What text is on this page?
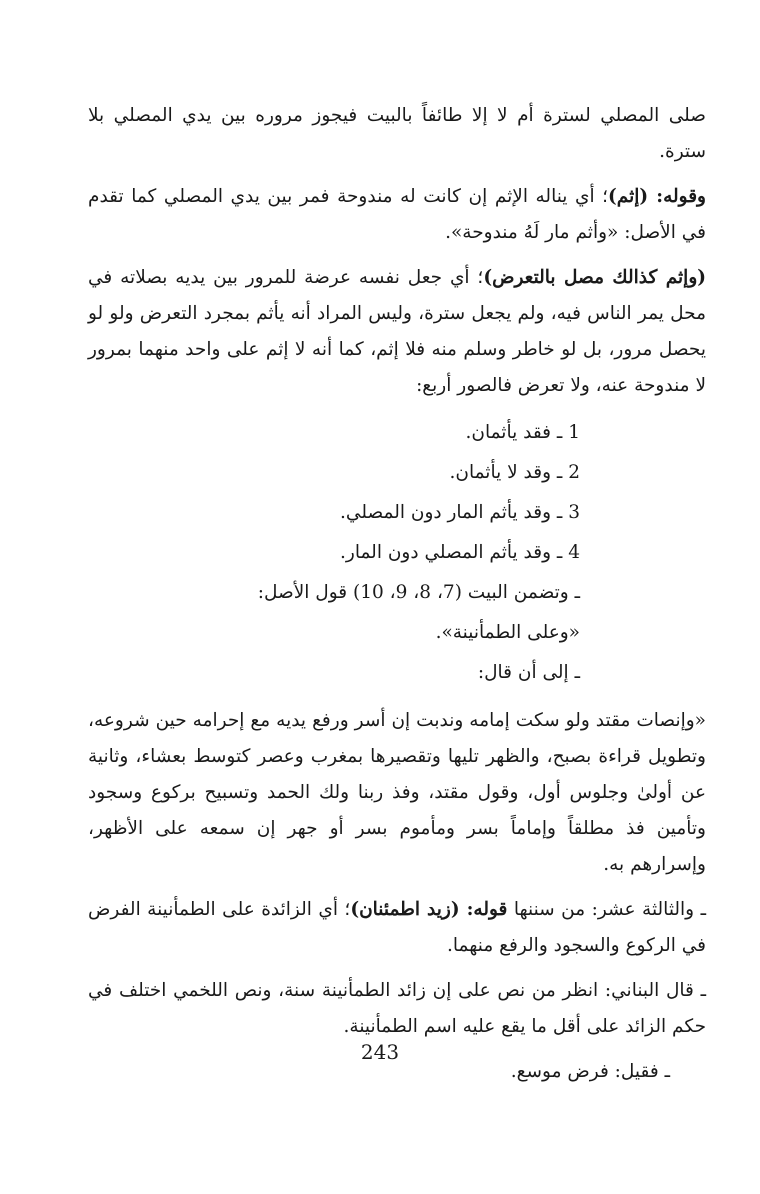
صلى المصلي لسترة أم لا إلا طائفاً بالبيت فيجوز مروره بين يدي المصلي بلا سترة.

وقوله: (إثم)؛ أي يناله الإثم إن كانت له مندوحة فمر بين يدي المصلي كما تقدم في الأصل: «وأثم مار لَهُ مندوحة».

(وإثم كذالك مصل بالتعرض)؛ أي جعل نفسه عرضة للمرور بين يديه بصلاته في محل يمر الناس فيه، ولم يجعل سترة، وليس المراد أنه يأثم بمجرد التعرض ولو لو يحصل مرور، بل لو خاطر وسلم منه فلا إثم، كما أنه لا إثم على واحد منهما بمرور لا مندوحة عنه، ولا تعرض فالصور أربع:

1 ـ فقد يأثمان.
2 ـ وقد لا يأثمان.
3 ـ وقد يأثم المار دون المصلي.
4 ـ وقد يأثم المصلي دون المار.
ـ وتضمن البيت (7، 8، 9، 10) قول الأصل:
«وعلى الطمأنينة».
ـ إلى أن قال:

«وإنصات مقتد ولو سكت إمامه وندبت إن أسر ورفع يديه مع إحرامه حين شروعه، وتطويل قراءة بصبح، والظهر تليها وتقصيرها بمغرب وعصر كتوسط بعشاء، وثانية عن أولىٰ وجلوس أول، وقول مقتد، وفذ ربنا ولك الحمد وتسبيح بركوع وسجود وتأمين فذ مطلقاً وإماماً بسر ومأموم بسر أو جهر إن سمعه على الأظهر، وإسرارهم به.

ـ والثالثة عشر: من سننها قوله: (زيد اطمئنان)؛ أي الزائدة على الطمأنينة الفرض في الركوع والسجود والرفع منهما.

ـ قال البناني: انظر من نص على إن زائد الطمأنينة سنة، ونص اللخمي اختلف في حكم الزائد على أقل ما يقع عليه اسم الطمأنينة.

ـ فقيل: فرض موسع.

243
